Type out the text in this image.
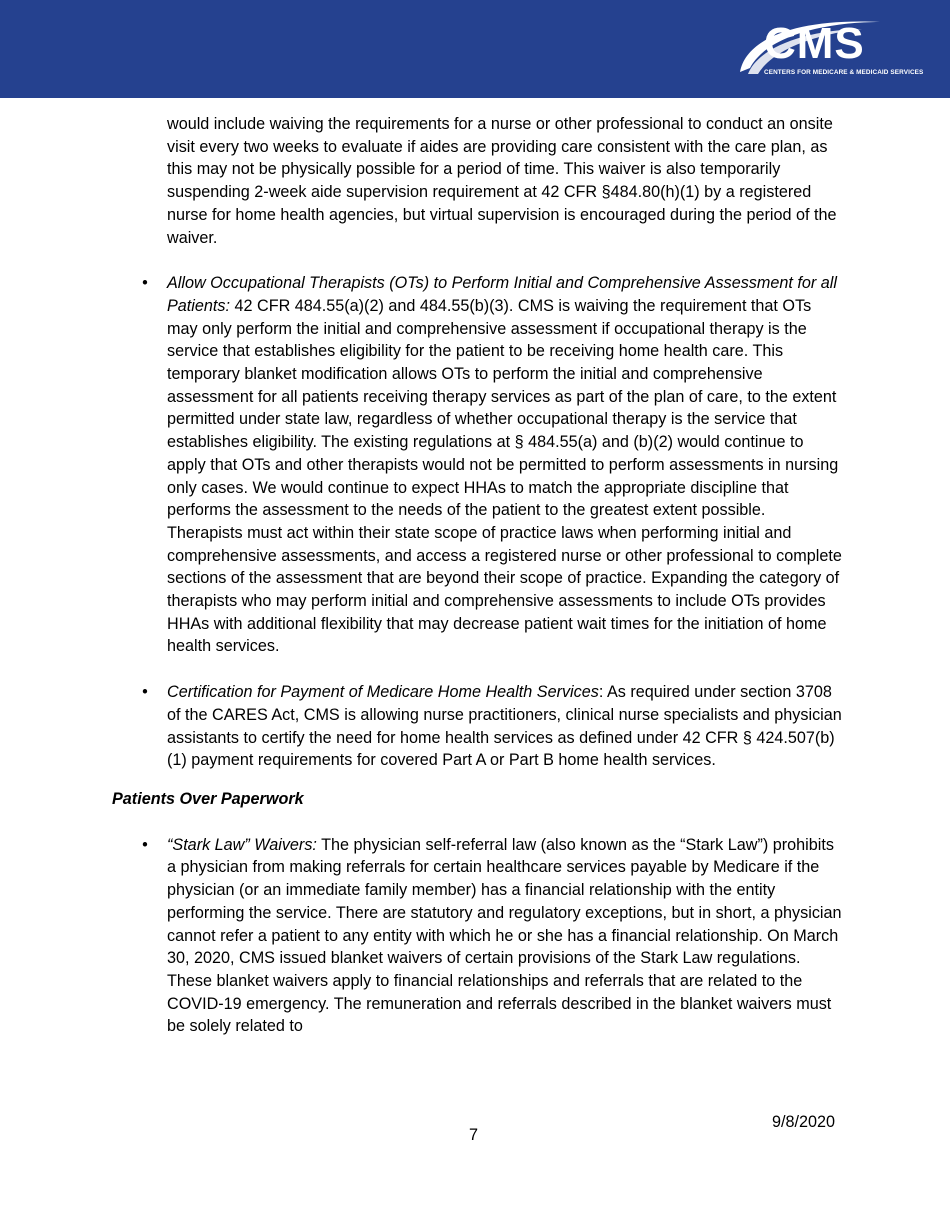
CMS
CENTERS FOR MEDICARE & MEDICAID SERVICES

would include waiving the requirements for a nurse or other professional to conduct an onsite visit every two weeks to evaluate if aides are providing care consistent with the care plan, as this may not be physically possible for a period of time. This waiver is also temporarily suspending 2-week aide supervision requirement at 42 CFR §484.80(h)(1) by a registered nurse for home health agencies, but virtual supervision is encouraged during the period of the waiver.

• Allow Occupational Therapists (OTs) to Perform Initial and Comprehensive Assessment for all Patients: 42 CFR 484.55(a)(2) and 484.55(b)(3). CMS is waiving the requirement that OTs may only perform the initial and comprehensive assessment if occupational therapy is the service that establishes eligibility for the patient to be receiving home health care. This temporary blanket modification allows OTs to perform the initial and comprehensive assessment for all patients receiving therapy services as part of the plan of care, to the extent permitted under state law, regardless of whether occupational therapy is the service that establishes eligibility. The existing regulations at § 484.55(a) and (b)(2) would continue to apply that OTs and other therapists would not be permitted to perform assessments in nursing only cases. We would continue to expect HHAs to match the appropriate discipline that performs the assessment to the needs of the patient to the greatest extent possible. Therapists must act within their state scope of practice laws when performing initial and comprehensive assessments, and access a registered nurse or other professional to complete sections of the assessment that are beyond their scope of practice. Expanding the category of therapists who may perform initial and comprehensive assessments to include OTs provides HHAs with additional flexibility that may decrease patient wait times for the initiation of home health services.
• Certification for Payment of Medicare Home Health Services: As required under section 3708 of the CARES Act, CMS is allowing nurse practitioners, clinical nurse specialists and physician assistants to certify the need for home health services as defined under 42 CFR § 424.507(b)(1) payment requirements for covered Part A or Part B home health services.
Patients Over Paperwork
• “Stark Law” Waivers: The physician self-referral law (also known as the “Stark Law”) prohibits a physician from making referrals for certain healthcare services payable by Medicare if the physician (or an immediate family member) has a financial relationship with the entity performing the service. There are statutory and regulatory exceptions, but in short, a physician cannot refer a patient to any entity with which he or she has a financial relationship. On March 30, 2020, CMS issued blanket waivers of certain provisions of the Stark Law regulations. These blanket waivers apply to financial relationships and referrals that are related to the COVID-19 emergency. The remuneration and referrals described in the blanket waivers must be solely related to
9/8/2020
7
